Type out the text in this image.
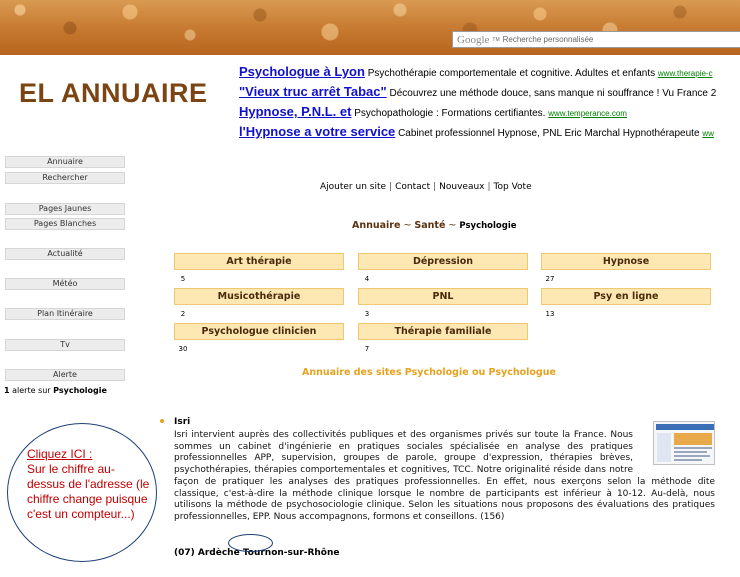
Google TM Recherche personnalisée
EL ANNUAIRE
Psychologue à Lyon Psychothérapie comportementale et cognitive. Adultes et enfants www.therapie-c
"Vieux truc arrêt Tabac" Découvrez une méthode douce, sans manque ni souffrance ! Vu France 2
Hypnose, P.N.L. et Psychopathologie : Formations certifiantes. www.temperance.com
l'Hypnose a votre service Cabinet professionnel Hypnose, PNL Eric Marchal Hypnothérapeute ww
Annuaire
Rechercher
Pages Jaunes
Pages Blanches
Actualité
Météo
Plan Itinéraire
Tv
Alerte
1 alerte sur Psychologie
Ajouter un site | Contact | Nouveaux | Top Vote
Annuaire ~ Santé ~ Psychologie
Art thérapie
5
Dépression
4
Hypnose
27
Musicothérapie
2
PNL
3
Psy en ligne
13
Psychologue clinicien
30
Thérapie familiale
7
Annuaire des sites Psychologie ou Psychologue
Isri
Isri intervient auprès des collectivités publiques et des organismes privés sur toute la France. Nous sommes un cabinet d'ingénierie en pratiques sociales spécialisée en analyse des pratiques professionnelles APP, supervision, groupes de parole, groupe d'expression, thérapies brèves, psychothérapies, thérapies comportementales et cognitives, TCC. Notre originalité réside dans notre façon de pratiquer les analyses des pratiques professionnelles. En effet, nous exerçons selon la méthode dite classique, c'est-à-dire la méthode clinique lorsque le nombre de participants est inférieur à 10-12. Au-delà, nous utilisons la méthode de psychosociologie clinique. Selon les situations nous proposons des évaluations des pratiques professionnelles, EPP. Nous accompagnons, formons et conseillons. (156)
(07) Ardèche Tournon-sur-Rhône
Cliquez ICI :
Sur le chiffre au-dessus de l'adresse (le chiffre change puisque c'est un compteur...)
